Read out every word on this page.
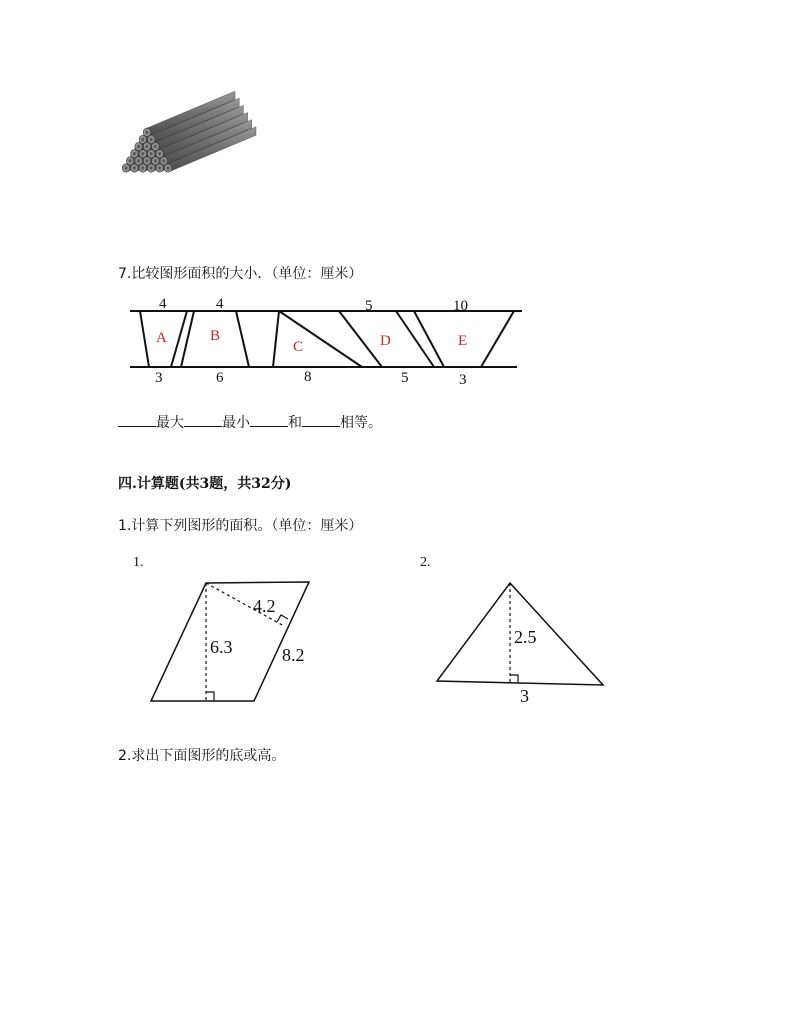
7.比较图形面积的大小．（单位：厘米）
4	4	5	10
3	6	8	5	3
A	B
C	D	E
最大	最小	和	相等。
四.计算题(共3题，共32分)
1.计算下列图形的面积。（单位：厘米）
1.	2.
4.2
6.3	8.2
2.5
3
2.求出下面图形的底或高。
